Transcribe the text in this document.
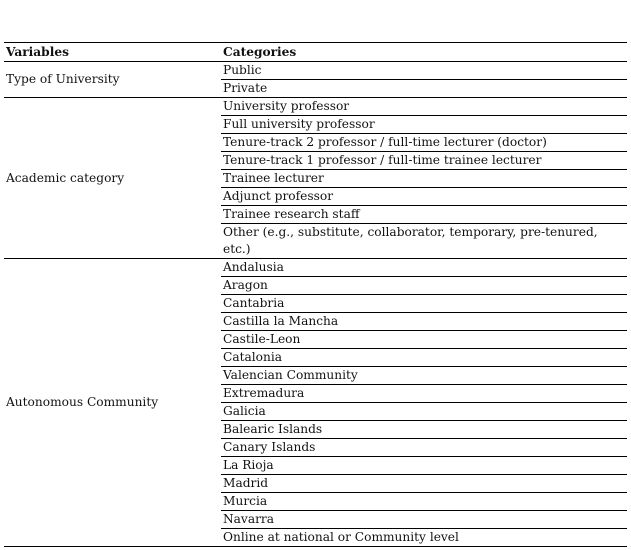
Variables	Categories
Type of University	Public
	Private
Academic category	University professor
	Full university professor
	Tenure-track 2 professor / full-time lecturer (doctor)
	Tenure-track 1 professor / full-time trainee lecturer
	Trainee lecturer
	Adjunct professor
	Trainee research staff
	Other (e.g., substitute, collaborator, temporary, pre-tenured, etc.)
Autonomous Community	Andalusia
	Aragon
	Cantabria
	Castilla la Mancha
	Castile-Leon
	Catalonia
	Valencian Community
	Extremadura
	Galicia
	Balearic Islands
	Canary Islands
	La Rioja
	Madrid
	Murcia
	Navarra
	Online at national or Community level
